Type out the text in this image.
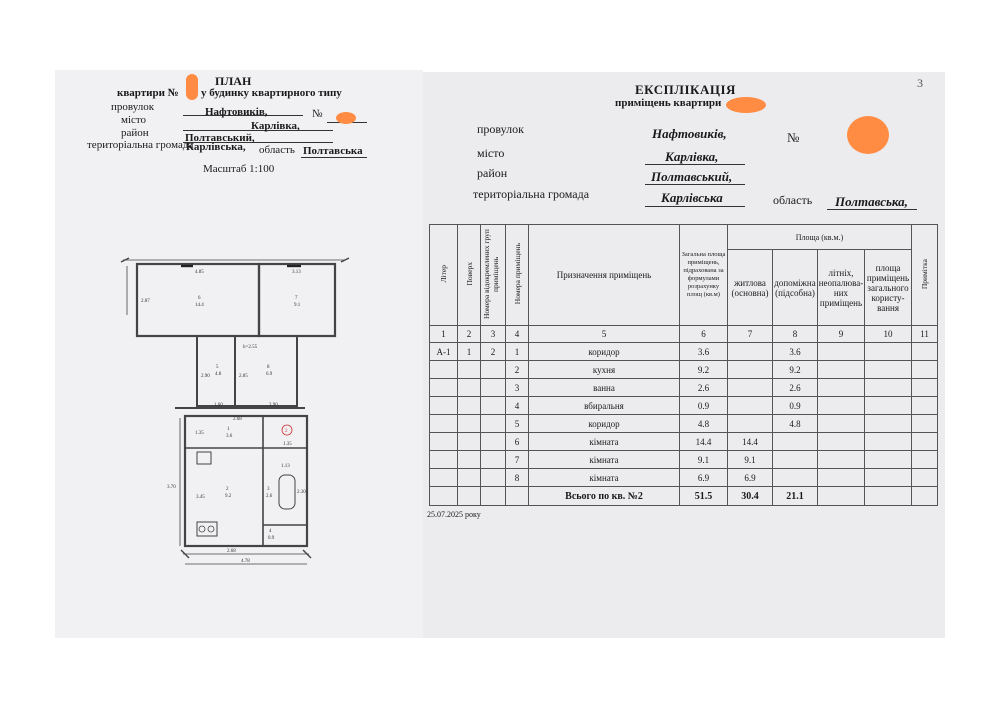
ПЛАН
квартири № у будинку квартирного типу
провулок	Нафтовиків,	№
місто	Карлівка,
район	Полтавський,
територіальна громада
Карлівська, область Полтавська
Масштаб 1:100
4.85	3.13
2.87
6
14.4
7
9.1
h=2.55
5
4.8
2.90
8
6.9
2.85
1.60	2.90
1
3.6
1.35	2
1.35
2.68
3.70
3.45
2
9.2
3
2.6
1.13
2.30
4
0.9
2.68
4.78
3
ЕКСПЛІКАЦІЯ
приміщень квартири
провулок	Нафтовиків,	№
місто	Карлівка,
район	Полтавський,
територіальна громада	Карлівська	область Полтавська,
Літер	Поверх	Номера відокремлених груп приміщень	Номера приміщень	Призначення приміщень	Загальна площа приміщень, підрахована за формулами розрахунку площ (кв.м)	Площа (кв.м.)				Примітка
						житлова (основна)	допоміжна (підсобна)	літніх, неопалюва-них приміщень	площа приміщень загального користу-вання	
1	2	3	4	5	6	7	8	9	10	11
А-1	1	2	1	коридор	3.6		3.6			
			2	кухня	9.2		9.2			
			3	ванна	2.6		2.6			
			4	вбиральня	0.9		0.9			
			5	коридор	4.8		4.8			
			6	кімната	14.4	14.4				
			7	кімната	9.1	9.1				
			8	кімната	6.9	6.9				
				Всього по кв. №2	51.5	30.4	21.1			
25.07.2025 року
